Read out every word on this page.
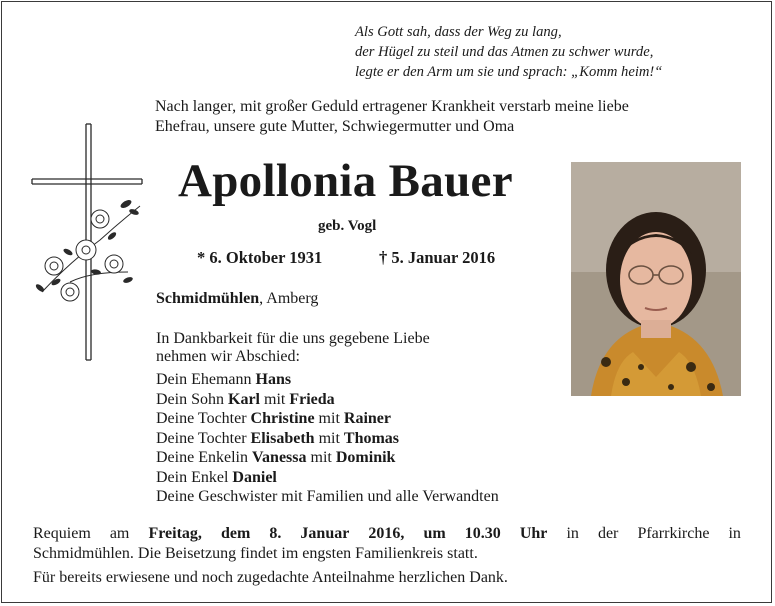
Als Gott sah, dass der Weg zu lang,
der Hügel zu steil und das Atmen zu schwer wurde,
legte er den Arm um sie und sprach: „Komm heim!“
Nach langer, mit großer Geduld ertragener Krankheit verstarb meine liebe
Ehefrau, unsere gute Mutter, Schwiegermutter und Oma
Apollonia Bauer
geb. Vogl
* 6. Oktober 1931	† 5. Januar 2016
Schmidmühlen, Amberg
In Dankbarkeit für die uns gegebene Liebe
nehmen wir Abschied:
Dein Ehemann Hans
Dein Sohn Karl mit Frieda
Deine Tochter Christine mit Rainer
Deine Tochter Elisabeth mit Thomas
Deine Enkelin Vanessa mit Dominik
Dein Enkel Daniel
Deine Geschwister mit Familien und alle Verwandten
Requiem am Freitag, dem 8. Januar 2016, um 10.30 Uhr in der Pfarrkirche in
Schmidmühlen. Die Beisetzung findet im engsten Familienkreis statt.
Für bereits erwiesene und noch zugedachte Anteilnahme herzlichen Dank.
